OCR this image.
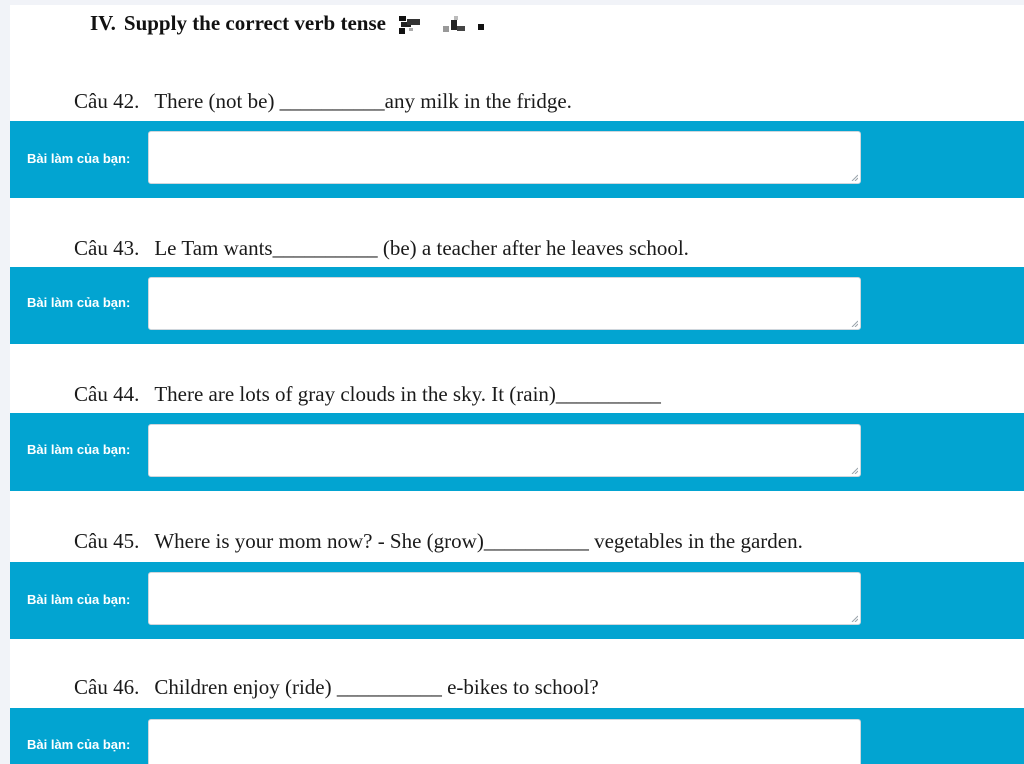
IV. Supply the correct verb tense

Câu 42. There (not be) __________any milk in the fridge.

Bài làm của bạn:

Câu 43. Le Tam wants__________ (be) a teacher after he leaves school.

Bài làm của bạn:

Câu 44. There are lots of gray clouds in the sky. It (rain)__________

Bài làm của bạn:

Câu 45. Where is your mom now? - She (grow)__________ vegetables in the garden.

Bài làm của bạn:

Câu 46. Children enjoy (ride) __________ e-bikes to school?

Bài làm của bạn:
